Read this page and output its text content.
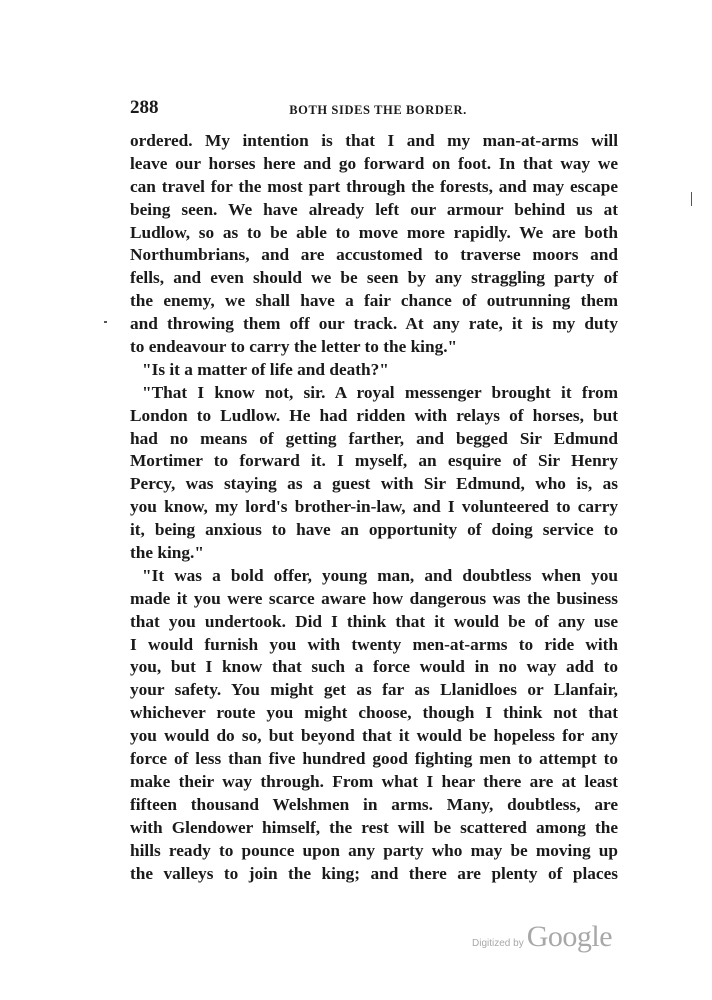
288	BOTH SIDES THE BORDER.
ordered. My intention is that I and my man-at-arms will
leave our horses here and go forward on foot. In that way we
can travel for the most part through the forests, and may escape
being seen. We have already left our armour behind us at
Ludlow, so as to be able to move more rapidly. We are both
Northumbrians, and are accustomed to traverse moors and
fells, and even should we be seen by any straggling party of
the enemy, we shall have a fair chance of outrunning them
and throwing them off our track. At any rate, it is my duty
to endeavour to carry the letter to the king."
"Is it a matter of life and death?"
"That I know not, sir. A royal messenger brought it from
London to Ludlow. He had ridden with relays of horses, but
had no means of getting farther, and begged Sir Edmund
Mortimer to forward it. I myself, an esquire of Sir Henry
Percy, was staying as a guest with Sir Edmund, who is, as
you know, my lord's brother-in-law, and I volunteered to carry
it, being anxious to have an opportunity of doing service to
the king."
"It was a bold offer, young man, and doubtless when you
made it you were scarce aware how dangerous was the business
that you undertook. Did I think that it would be of any use
I would furnish you with twenty men-at-arms to ride with
you, but I know that such a force would in no way add to
your safety. You might get as far as Llanidloes or Llanfair,
whichever route you might choose, though I think not that
you would do so, but beyond that it would be hopeless for any
force of less than five hundred good fighting men to attempt to
make their way through. From what I hear there are at least
fifteen thousand Welshmen in arms. Many, doubtless, are
with Glendower himself, the rest will be scattered among the
hills ready to pounce upon any party who may be moving up
the valleys to join the king; and there are plenty of places
Digitized by Google
